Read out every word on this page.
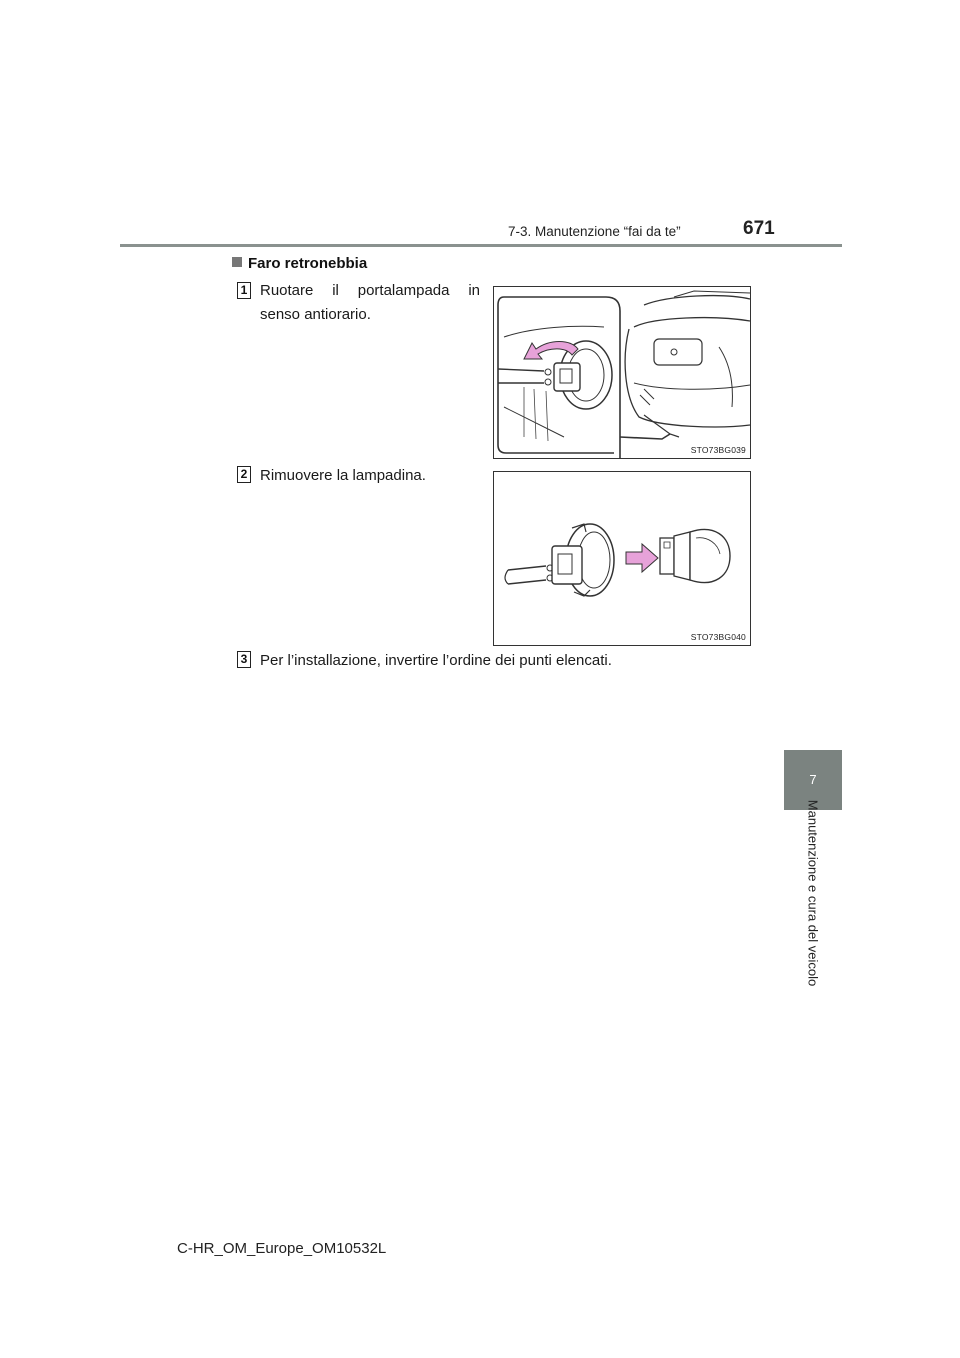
7-3. Manutenzione “fai da te”	671
7
Manutenzione e cura del veicolo
Faro retronebbia
1 Ruotare il portalampada in senso antiorario.
STO73BG039
2 Rimuovere la lampadina.
STO73BG040
3 Per l’installazione, invertire l’ordine dei punti elencati.
C-HR_OM_Europe_OM10532L
